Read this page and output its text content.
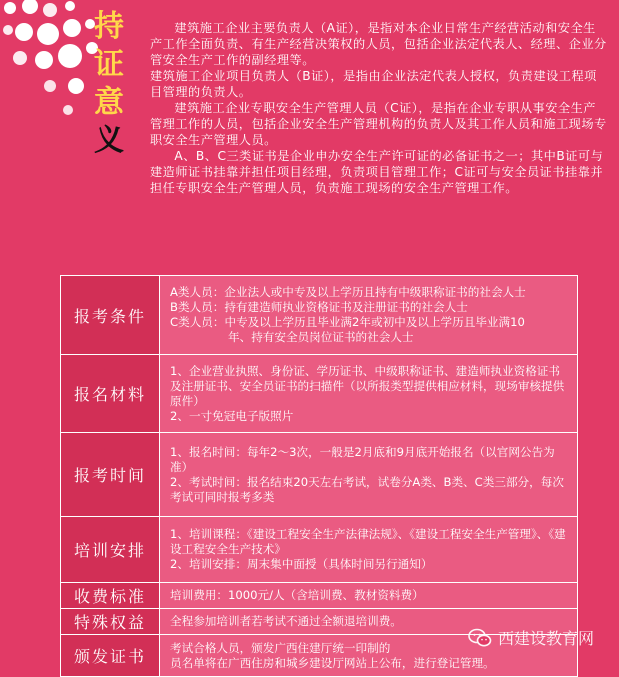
持
证
意
义

建筑施工企业主要负责人（A证），是指对本企业日常生产经营活动和安全生产工作全面负责、有生产经营决策权的人员，包括企业法定代表人、经理、企业分管安全生产工作的副经理等。

建筑施工企业项目负责人（B证），是指由企业法定代表人授权，负责建设工程项目管理的负责人。

建筑施工企业专职安全生产管理人员（C证），是指在企业专职从事安全生产管理工作的人员，包括企业安全生产管理机构的负责人及其工作人员和施工现场专职安全生产管理人员。

A、B、C三类证书是企业申办安全生产许可证的必备证书之一；其中B证可与建造师证书挂靠并担任项目经理，负责项目管理工作；C证可与安全员证书挂靠并担任专职安全生产管理人员，负责施工现场的安全生产管理工作。

报考条件	A类人员：企业法人或中专及以上学历且持有中级职称证书的社会人士

B类人员：持有建造师执业资格证书及注册证书的社会人士

C类人员：中专及以上学历且毕业满2年或初中及以上学历且毕业满10

年、持有安全员岗位证书的社会人士

报名材料	1、企业营业执照、身份证、学历证书、中级职称证书、建造师执业资格证书及注册证书、安全员证书的扫描件（以所报类型提供相应材料，现场审核提供原件）

2、一寸免冠电子版照片

报考时间	1、报名时间：每年2～3次，一般是2月底和9月底开始报名（以官网公告为准）

2、考试时间：报名结束20天左右考试，试卷分A类、B类、C类三部分，每次考试可同时报考多类

培训安排	1、培训课程：《建设工程安全生产法律法规》、《建设工程安全生产管理》、《建设工程安全生产技术》

2、培训安排：周末集中面授（具体时间另行通知）

收费标准	培训费用：1000元/人（含培训费、教材资料费）
特殊权益	全程参加培训者若考试不通过全额退培训费。
颁发证书	考试合格人员，颁发广西住建厅统一印制的

员名单将在广西住房和城乡建设厅网站上公布，进行登记管理。

西建设教育网
